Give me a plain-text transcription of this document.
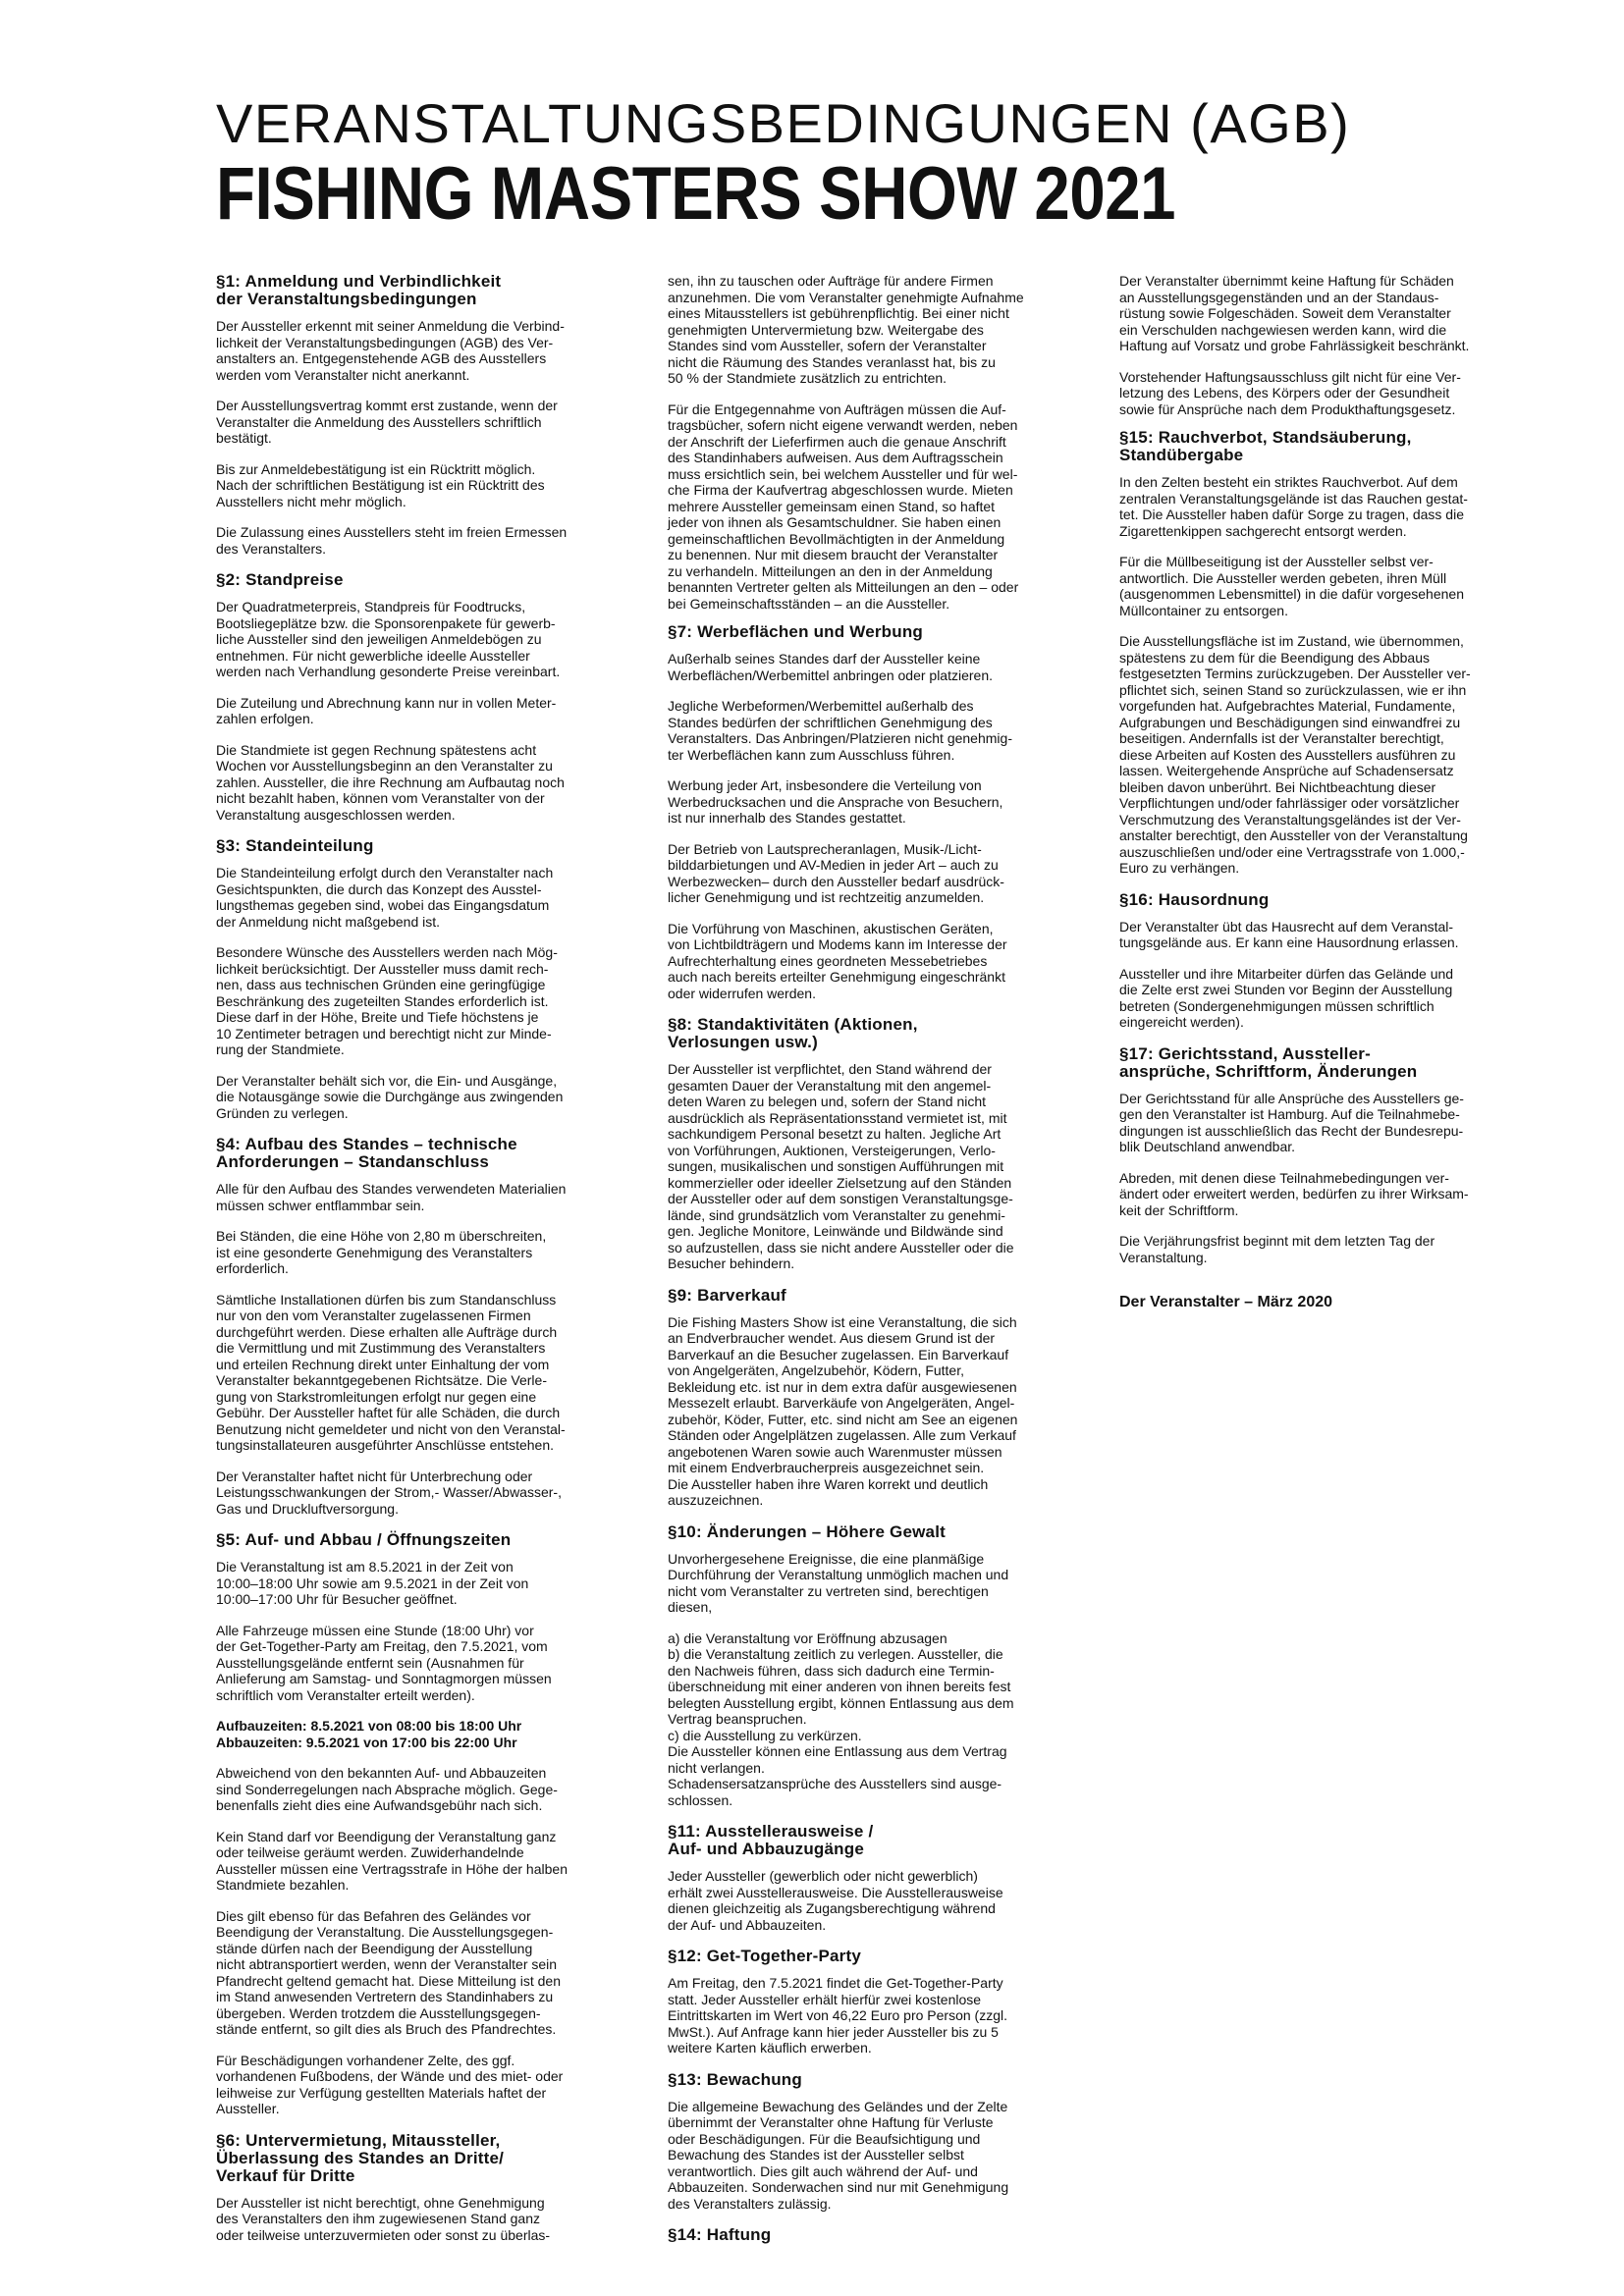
VERANSTALTUNGSBEDINGUNGEN (AGB)
FISHING MASTERS SHOW 2021
§1: Anmeldung und Verbindlichkeit
der Veranstaltungsbedingungen

Der Aussteller erkennt mit seiner Anmeldung die Verbind-
lichkeit der Veranstaltungsbedingungen (AGB) des Ver-
anstalters an. Entgegenstehende AGB des Ausstellers
werden vom Veranstalter nicht anerkannt.

Der Ausstellungsvertrag kommt erst zustande, wenn der
Veranstalter die Anmeldung des Ausstellers schriftlich
bestätigt.

Bis zur Anmeldebestätigung ist ein Rücktritt möglich.
Nach der schriftlichen Bestätigung ist ein Rücktritt des
Ausstellers nicht mehr möglich.

Die Zulassung eines Ausstellers steht im freien Ermessen
des Veranstalters.

§2: Standpreise

Der Quadratmeterpreis, Standpreis für Foodtrucks,
Bootsliegeplätze bzw. die Sponsorenpakete für gewerb-
liche Aussteller sind den jeweiligen Anmeldebögen zu
entnehmen. Für nicht gewerbliche ideelle Aussteller
werden nach Verhandlung gesonderte Preise vereinbart.

Die Zuteilung und Abrechnung kann nur in vollen Meter-
zahlen erfolgen.

Die Standmiete ist gegen Rechnung spätestens acht
Wochen vor Ausstellungsbeginn an den Veranstalter zu
zahlen. Aussteller, die ihre Rechnung am Aufbautag noch
nicht bezahlt haben, können vom Veranstalter von der
Veranstaltung ausgeschlossen werden.

§3: Standeinteilung

Die Standeinteilung erfolgt durch den Veranstalter nach
Gesichtspunkten, die durch das Konzept des Ausstel-
lungsthemas gegeben sind, wobei das Eingangsdatum
der Anmeldung nicht maßgebend ist.

Besondere Wünsche des Ausstellers werden nach Mög-
lichkeit berücksichtigt. Der Aussteller muss damit rech-
nen, dass aus technischen Gründen eine geringfügige
Beschränkung des zugeteilten Standes erforderlich ist.
Diese darf in der Höhe, Breite und Tiefe höchstens je
10 Zentimeter betragen und berechtigt nicht zur Minde-
rung der Standmiete.

Der Veranstalter behält sich vor, die Ein- und Ausgänge,
die Notausgänge sowie die Durchgänge aus zwingenden
Gründen zu verlegen.

§4: Aufbau des Standes – technische
Anforderungen – Standanschluss

Alle für den Aufbau des Standes verwendeten Materialien
müssen schwer entflammbar sein.

Bei Ständen, die eine Höhe von 2,80 m überschreiten,
ist eine gesonderte Genehmigung des Veranstalters
erforderlich.

Sämtliche Installationen dürfen bis zum Standanschluss
nur von den vom Veranstalter zugelassenen Firmen
durchgeführt werden. Diese erhalten alle Aufträge durch
die Vermittlung und mit Zustimmung des Veranstalters
und erteilen Rechnung direkt unter Einhaltung der vom
Veranstalter bekanntgegebenen Richtsätze. Die Verle-
gung von Starkstromleitungen erfolgt nur gegen eine
Gebühr. Der Aussteller haftet für alle Schäden, die durch
Benutzung nicht gemeldeter und nicht von den Veranstal-
tungsinstallateuren ausgeführter Anschlüsse entstehen.

Der Veranstalter haftet nicht für Unterbrechung oder
Leistungsschwankungen der Strom,- Wasser/Abwasser-,
Gas und Druckluftversorgung.

§5: Auf- und Abbau / Öffnungszeiten

Die Veranstaltung ist am 8.5.2021 in der Zeit von
10:00–18:00 Uhr sowie am 9.5.2021 in der Zeit von
10:00–17:00 Uhr für Besucher geöffnet.

Alle Fahrzeuge müssen eine Stunde (18:00 Uhr) vor
der Get-Together-Party am Freitag, den 7.5.2021, vom
Ausstellungsgelände entfernt sein (Ausnahmen für
Anlieferung am Samstag- und Sonntagmorgen müssen
schriftlich vom Veranstalter erteilt werden).

Aufbauzeiten: 8.5.2021 von 08:00 bis 18:00 Uhr
Abbauzeiten: 9.5.2021 von 17:00 bis 22:00 Uhr

Abweichend von den bekannten Auf- und Abbauzeiten
sind Sonderregelungen nach Absprache möglich. Gege-
benenfalls zieht dies eine Aufwandsgebühr nach sich.

Kein Stand darf vor Beendigung der Veranstaltung ganz
oder teilweise geräumt werden. Zuwiderhandelnde
Aussteller müssen eine Vertragsstrafe in Höhe der halben
Standmiete bezahlen.

Dies gilt ebenso für das Befahren des Geländes vor
Beendigung der Veranstaltung. Die Ausstellungsgegen-
stände dürfen nach der Beendigung der Ausstellung
nicht abtransportiert werden, wenn der Veranstalter sein
Pfandrecht geltend gemacht hat. Diese Mitteilung ist den
im Stand anwesenden Vertretern des Standinhabers zu
übergeben. Werden trotzdem die Ausstellungsgegen-
stände entfernt, so gilt dies als Bruch des Pfandrechtes.

Für Beschädigungen vorhandener Zelte, des ggf.
vorhandenen Fußbodens, der Wände und des miet- oder
leihweise zur Verfügung gestellten Materials haftet der
Aussteller.

§6: Untervermietung, Mitaussteller,
Überlassung des Standes an Dritte/
Verkauf für Dritte

Der Aussteller ist nicht berechtigt, ohne Genehmigung
des Veranstalters den ihm zugewiesenen Stand ganz
oder teilweise unterzuvermieten oder sonst zu überlas-
sen, ihn zu tauschen oder Aufträge für andere Firmen
anzunehmen. Die vom Veranstalter genehmigte Aufnahme
eines Mitausstellers ist gebührenpflichtig. Bei einer nicht
genehmigten Untervermietung bzw. Weitergabe des
Standes sind vom Aussteller, sofern der Veranstalter
nicht die Räumung des Standes veranlasst hat, bis zu
50 % der Standmiete zusätzlich zu entrichten.

Für die Entgegennahme von Aufträgen müssen die Auf-
tragsbücher, sofern nicht eigene verwandt werden, neben
der Anschrift der Lieferfirmen auch die genaue Anschrift
des Standinhabers aufweisen. Aus dem Auftragsschein
muss ersichtlich sein, bei welchem Aussteller und für wel-
che Firma der Kaufvertrag abgeschlossen wurde. Mieten
mehrere Aussteller gemeinsam einen Stand, so haftet
jeder von ihnen als Gesamtschuldner. Sie haben einen
gemeinschaftlichen Bevollmächtigten in der Anmeldung
zu benennen. Nur mit diesem braucht der Veranstalter
zu verhandeln. Mitteilungen an den in der Anmeldung
benannten Vertreter gelten als Mitteilungen an den – oder
bei Gemeinschaftsständen – an die Aussteller.

§7: Werbeflächen und Werbung

Außerhalb seines Standes darf der Aussteller keine
Werbeflächen/Werbemittel anbringen oder platzieren.

Jegliche Werbeformen/Werbemittel außerhalb des
Standes bedürfen der schriftlichen Genehmigung des
Veranstalters. Das Anbringen/Platzieren nicht genehmig-
ter Werbeflächen kann zum Ausschluss führen.

Werbung jeder Art, insbesondere die Verteilung von
Werbedrucksachen und die Ansprache von Besuchern,
ist nur innerhalb des Standes gestattet.

Der Betrieb von Lautsprecheranlagen, Musik-/Licht-
bilddarbietungen und AV-Medien in jeder Art – auch zu
Werbezwecken– durch den Aussteller bedarf ausdrück-
licher Genehmigung und ist rechtzeitig anzumelden.

Die Vorführung von Maschinen, akustischen Geräten,
von Lichtbildträgern und Modems kann im Interesse der
Aufrechterhaltung eines geordneten Messebetriebes
auch nach bereits erteilter Genehmigung eingeschränkt
oder widerrufen werden.

§8: Standaktivitäten (Aktionen,
Verlosungen usw.)

Der Aussteller ist verpflichtet, den Stand während der
gesamten Dauer der Veranstaltung mit den angemel-
deten Waren zu belegen und, sofern der Stand nicht
ausdrücklich als Repräsentationsstand vermietet ist, mit
sachkundigem Personal besetzt zu halten. Jegliche Art
von Vorführungen, Auktionen, Versteigerungen, Verlo-
sungen, musikalischen und sonstigen Aufführungen mit
kommerzieller oder ideeller Zielsetzung auf den Ständen
der Aussteller oder auf dem sonstigen Veranstaltungsge-
lände, sind grundsätzlich vom Veranstalter zu genehmi-
gen. Jegliche Monitore, Leinwände und Bildwände sind
so aufzustellen, dass sie nicht andere Aussteller oder die
Besucher behindern.

§9: Barverkauf

Die Fishing Masters Show ist eine Veranstaltung, die sich
an Endverbraucher wendet. Aus diesem Grund ist der
Barverkauf an die Besucher zugelassen. Ein Barverkauf
von Angelgeräten, Angelzubehör, Ködern, Futter,
Bekleidung etc. ist nur in dem extra dafür ausgewiesenen
Messezelt erlaubt. Barverkäufe von Angelgeräten, Angel-
zubehör, Köder, Futter, etc. sind nicht am See an eigenen
Ständen oder Angelplätzen zugelassen. Alle zum Verkauf
angebotenen Waren sowie auch Warenmuster müssen
mit einem Endverbraucherpreis ausgezeichnet sein.
Die Aussteller haben ihre Waren korrekt und deutlich
auszuzeichnen.

§10: Änderungen – Höhere Gewalt

Unvorhergesehene Ereignisse, die eine planmäßige
Durchführung der Veranstaltung unmöglich machen und
nicht vom Veranstalter zu vertreten sind, berechtigen
diesen,

a) die Veranstaltung vor Eröffnung abzusagen
b) die Veranstaltung zeitlich zu verlegen. Aussteller, die
den Nachweis führen, dass sich dadurch eine Termin-
überschneidung mit einer anderen von ihnen bereits fest
belegten Ausstellung ergibt, können Entlassung aus dem
Vertrag beanspruchen.
c) die Ausstellung zu verkürzen.
Die Aussteller können eine Entlassung aus dem Vertrag
nicht verlangen.
Schadensersatzansprüche des Ausstellers sind ausge-
schlossen.

§11: Ausstellerausweise /
Auf- und Abbauzugänge

Jeder Aussteller (gewerblich oder nicht gewerblich)
erhält zwei Ausstellerausweise. Die Ausstellerausweise
dienen gleichzeitig als Zugangsberechtigung während
der Auf- und Abbauzeiten.

§12: Get-Together-Party

Am Freitag, den 7.5.2021 findet die Get-Together-Party
statt. Jeder Aussteller erhält hierfür zwei kostenlose
Eintrittskarten im Wert von 46,22 Euro pro Person (zzgl.
MwSt.). Auf Anfrage kann hier jeder Aussteller bis zu 5
weitere Karten käuflich erwerben.

§13: Bewachung

Die allgemeine Bewachung des Geländes und der Zelte
übernimmt der Veranstalter ohne Haftung für Verluste
oder Beschädigungen. Für die Beaufsichtigung und
Bewachung des Standes ist der Aussteller selbst
verantwortlich. Dies gilt auch während der Auf- und
Abbauzeiten. Sonderwachen sind nur mit Genehmigung
des Veranstalters zulässig.

§14: Haftung

Der Veranstalter übernimmt keine Haftung für Schäden
an Ausstellungsgegenständen und an der Standaus-
rüstung sowie Folgeschäden. Soweit dem Veranstalter
ein Verschulden nachgewiesen werden kann, wird die
Haftung auf Vorsatz und grobe Fahrlässigkeit beschränkt.

Vorstehender Haftungsausschluss gilt nicht für eine Ver-
letzung des Lebens, des Körpers oder der Gesundheit
sowie für Ansprüche nach dem Produkthaftungsgesetz.

§15: Rauchverbot, Standsäuberung,
Standübergabe

In den Zelten besteht ein striktes Rauchverbot. Auf dem
zentralen Veranstaltungsgelände ist das Rauchen gestat-
tet. Die Aussteller haben dafür Sorge zu tragen, dass die
Zigarettenkippen sachgerecht entsorgt werden.

Für die Müllbeseitigung ist der Aussteller selbst ver-
antwortlich. Die Aussteller werden gebeten, ihren Müll
(ausgenommen Lebensmittel) in die dafür vorgesehenen
Müllcontainer zu entsorgen.

Die Ausstellungsfläche ist im Zustand, wie übernommen,
spätestens zu dem für die Beendigung des Abbaus
festgesetzten Termins zurückzugeben. Der Aussteller ver-
pflichtet sich, seinen Stand so zurückzulassen, wie er ihn
vorgefunden hat. Aufgebrachtes Material, Fundamente,
Aufgrabungen und Beschädigungen sind einwandfrei zu
beseitigen. Andernfalls ist der Veranstalter berechtigt,
diese Arbeiten auf Kosten des Ausstellers ausführen zu
lassen. Weitergehende Ansprüche auf Schadensersatz
bleiben davon unberührt. Bei Nichtbeachtung dieser
Verpflichtungen und/oder fahrlässiger oder vorsätzlicher
Verschmutzung des Veranstaltungsgeländes ist der Ver-
anstalter berechtigt, den Aussteller von der Veranstaltung
auszuschließen und/oder eine Vertragsstrafe von 1.000,-
Euro zu verhängen.

§16: Hausordnung

Der Veranstalter übt das Hausrecht auf dem Veranstal-
tungsgelände aus. Er kann eine Hausordnung erlassen.

Aussteller und ihre Mitarbeiter dürfen das Gelände und
die Zelte erst zwei Stunden vor Beginn der Ausstellung
betreten (Sondergenehmigungen müssen schriftlich
eingereicht werden).

§17: Gerichtsstand, Aussteller-
ansprüche, Schriftform, Änderungen

Der Gerichtsstand für alle Ansprüche des Ausstellers ge-
gen den Veranstalter ist Hamburg. Auf die Teilnahmebe-
dingungen ist ausschließlich das Recht der Bundesrepu-
blik Deutschland anwendbar.

Abreden, mit denen diese Teilnahmebedingungen ver-
ändert oder erweitert werden, bedürfen zu ihrer Wirksam-
keit der Schriftform.

Die Verjährungsfrist beginnt mit dem letzten Tag der
Veranstaltung.

Der Veranstalter – März 2020
